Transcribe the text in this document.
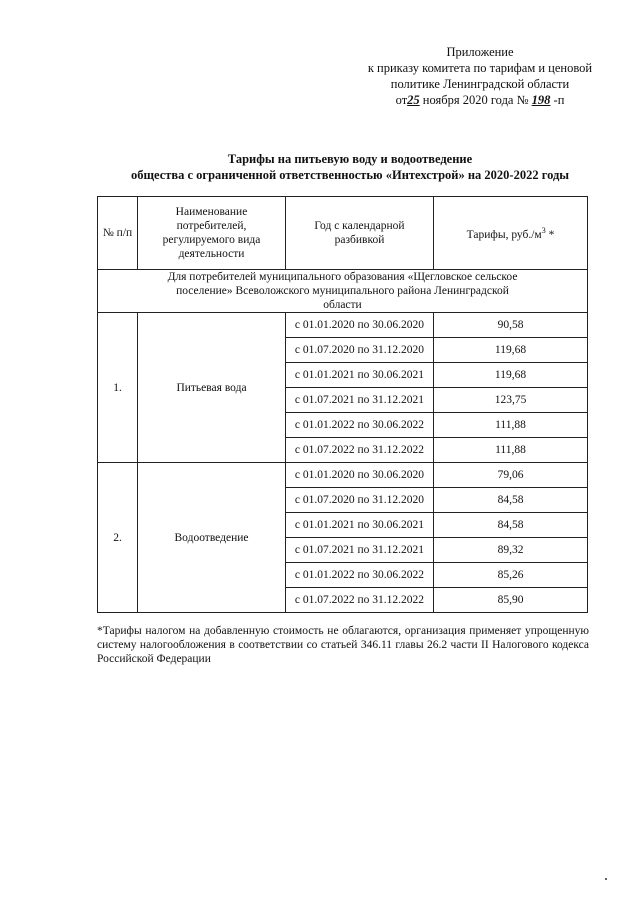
Приложение
к приказу комитета по тарифам и ценовой
политике Ленинградской области
от25 ноября 2020 года № 198 -п
Тарифы на питьевую воду и водоотведение
общества с ограниченной ответственностью «Интехстрой» на 2020-2022 годы
№ п/п	Наименование потребителей, регулируемого вида деятельности	Год с календарной разбивкой	Тарифы, $руб./м^3$ *
Для потребителей муниципального образования «Щегловское сельское поселение» Всеволожского муниципального района Ленинградской области			
1.	Питьевая вода	с 01.01.2020 по 30.06.2020	90,58
		с 01.07.2020 по 31.12.2020	119,68
		с 01.01.2021 по 30.06.2021	119,68
		с 01.07.2021 по 31.12.2021	123,75
		с 01.01.2022 по 30.06.2022	111,88
		с 01.07.2022 по 31.12.2022	111,88
2.	Водоотведение	с 01.01.2020 по 30.06.2020	79,06
		с 01.07.2020 по 31.12.2020	84,58
		с 01.01.2021 по 30.06.2021	84,58
		с 01.07.2021 по 31.12.2021	89,32
		с 01.01.2022 по 30.06.2022	85,26
		с 01.07.2022 по 31.12.2022	85,90
*Тарифы налогом на добавленную стоимость не облагаются, организация применяет упрощенную систему налогообложения в соответствии со статьей 346.11 главы 26.2 части II Налогового кодекса Российской Федерации
